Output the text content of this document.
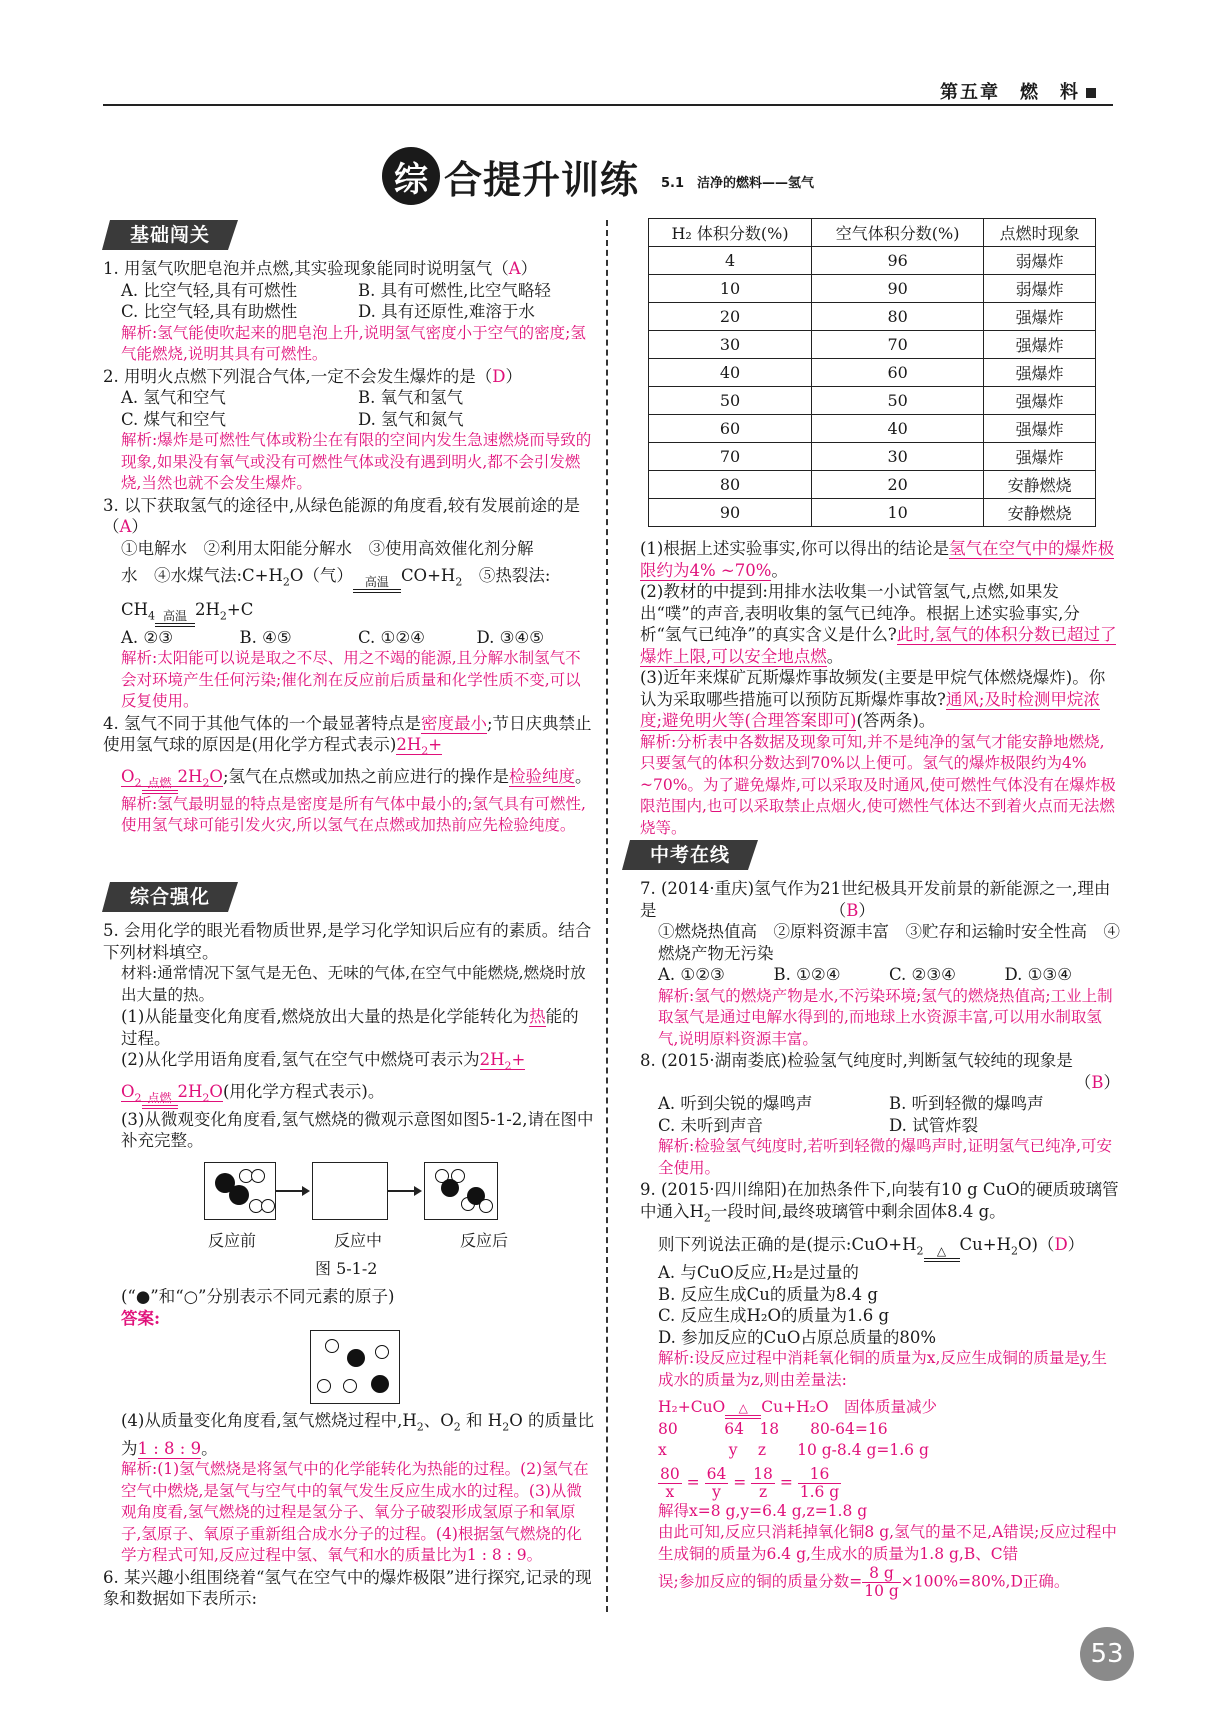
第五章　燃　料
综 合提升训练 5.1　洁净的燃料——氢气
基础闯关

1. 用氢气吹肥皂泡并点燃,其实验现象能同时说明氢气（A）

A. 比空气轻,具有可燃性	B. 具有可燃性,比空气略轻
C. 比空气轻,具有助燃性	D. 具有还原性,难溶于水

解析:氢气能使吹起来的肥皂泡上升,说明氢气密度小于空气的密度;氢气能燃烧,说明其具有可燃性。

2. 用明火点燃下列混合气体,一定不会发生爆炸的是（D）

A. 氢气和空气	B. 氧气和氢气
C. 煤气和空气	D. 氢气和氮气

解析:爆炸是可燃性气体或粉尘在有限的空间内发生急速燃烧而导致的现象,如果没有氧气或没有可燃性气体或没有遇到明火,都不会引发燃烧,当然也就不会发生爆炸。

3. 以下获取氢气的途径中,从绿色能源的角度看,较有发展前途的是　　　　　　　（A）

①电解水　②利用太阳能分解水　③使用高效催化剂分解

水　④水煤气法$:C+H_2O$（气） 高温 $CO+H_2$　⑤热裂法:

$CH_4$ 高温 $2H_2+C$

A. ②③	B. ④⑤	C. ①②④	D. ③④⑤

解析:太阳能可以说是取之不尽、用之不竭的能源,且分解水制氢气不会对环境产生任何污染;催化剂在反应前后质量和化学性质不变,可以反复使用。

4. 氢气不同于其他气体的一个最显著特点是密度最小;节日庆典禁止使用氢气球的原因是(用化学方程式表示)$2H_2+$

$O_2$ 点燃 $2H_2O$;氢气在点燃或加热之前应进行的操作是检验纯度。

解析:氢气最明显的特点是密度是所有气体中最小的;氢气具有可燃性,使用氢气球可能引发火灾,所以氢气在点燃或加热前应先检验纯度。

综合强化

5. 会用化学的眼光看物质世界,是学习化学知识后应有的素质。结合下列材料填空。

材料:通常情况下氢气是无色、无味的气体,在空气中能燃烧,燃烧时放出大量的热。

(1)从能量变化角度看,燃烧放出大量的热是化学能转化为热能的过程。

(2)从化学用语角度看,氢气在空气中燃烧可表示为$2H_2+$

$O_2$ 点燃 $2H_2O$(用化学方程式表示)。

(3)从微观变化角度看,氢气燃烧的微观示意图如图5-1-2,请在图中补充完整。

反应前	反应中	反应后
图 5-1-2

(“●”和“○”分别表示不同元素的原子)

答案:

(4)从质量变化角度看,氢气燃烧过程中$,H_2$、$O_2$ 和 $H_2O$ 的质量比为1 : 8 : 9。

解析:(1)氢气燃烧是将氢气中的化学能转化为热能的过程。(2)氢气在空气中燃烧,是氢气与空气中的氧气发生反应生成水的过程。(3)从微观角度看,氢气燃烧的过程是氢分子、氧分子破裂形成氢原子和氧原子,氢原子、氧原子重新组合成水分子的过程。(4)根据氢气燃烧的化学方程式可知,反应过程中氢、氧气和水的质量比为1 : 8 : 9。

6. 某兴趣小组围绕着“氢气在空气中的爆炸极限”进行探究,记录的现象和数据如下表所示:

H₂ 体积分数(%)	空气体积分数(%)	点燃时现象
4	96	弱爆炸
10	90	弱爆炸
20	80	强爆炸
30	70	强爆炸
40	60	强爆炸
50	50	强爆炸
60	40	强爆炸
70	30	强爆炸
80	20	安静燃烧
90	10	安静燃烧

(1)根据上述实验事实,你可以得出的结论是氢气在空气中的爆炸极限约为4% ~70%。

(2)教材的中提到:用排水法收集一小试管氢气,点燃,如果发出“噗”的声音,表明收集的氢气已纯净。根据上述实验事实,分析“氢气已纯净”的真实含义是什么?此时,氢气的体积分数已超过了爆炸上限,可以安全地点燃。

(3)近年来煤矿瓦斯爆炸事故频发(主要是甲烷气体燃烧爆炸)。你认为采取哪些措施可以预防瓦斯爆炸事故?通风;及时检测甲烷浓度;避免明火等(合理答案即可)(答两条)。

解析:分析表中各数据及现象可知,并不是纯净的氢气才能安静地燃烧,只要氢气的体积分数达到70%以上便可。氢气的爆炸极限约为4% ~70%。为了避免爆炸,可以采取及时通风,使可燃性气体没有在爆炸极限范围内,也可以采取禁止点烟火,使可燃性气体达不到着火点而无法燃烧等。

中考在线

7. (2014·重庆)氢气作为21世纪极具开发前景的新能源之一,理由是　　　　　　　　　　　（B）

①燃烧热值高　②原料资源丰富　③贮存和运输时安全性高　④燃烧产物无污染

A. ①②③	B. ①②④	C. ②③④	D. ①③④

解析:氢气的燃烧产物是水,不污染环境;氢气的燃烧热值高;工业上制取氢气是通过电解水得到的,而地球上水资源丰富,可以用水制取氢气,说明原料资源丰富。

8. (2015·湖南娄底)检验氢气纯度时,判断氢气较纯的现象是

（B）

A. 听到尖锐的爆鸣声	B. 听到轻微的爆鸣声
C. 未听到声音	D. 试管炸裂

解析:检验氢气纯度时,若听到轻微的爆鸣声时,证明氢气已纯净,可安全使用。

9. (2015·四川绵阳)在加热条件下,向装有10 g CuO的硬质玻璃管中通入$H_2$一段时间,最终玻璃管中剩余固体8.4 g。

则下列说法正确的是(提示$:CuO+H_2$	△ $Cu+H_2O)(D)$

A. 与CuO反应,H₂是过量的

B. 反应生成Cu的质量为8.4 g

C. 反应生成H₂O的质量为1.6 g

D. 参加反应的CuO占原总质量的80%

解析:设反应过程中消耗氧化铜的质量为x,反应生成铜的质量是y,生成水的质量为z,则由差量法:

H₂+CuO	△ Cu+H₂O　固体质量减少

80　　　64　18　　80-64=16

x　　　　y　 z　　10 g-8.4 g=1.6 g

$\frac{80}{x} = \frac{64}{y} = \frac{18}{z} = \frac{16}{1.6 g}$

解得x=8 g,y=6.4 g,z=1.8 g

由此可知,反应只消耗掉氧化铜8 g,氢气的量不足,A错误;反应过程中生成铜的质量为6.4 g,生成水的质量为1.8 g,B、C错

误;参加反应的铜的质量分数= $\frac{8 g}{10 g} \times 100\%=80\%,D$正确。

53
